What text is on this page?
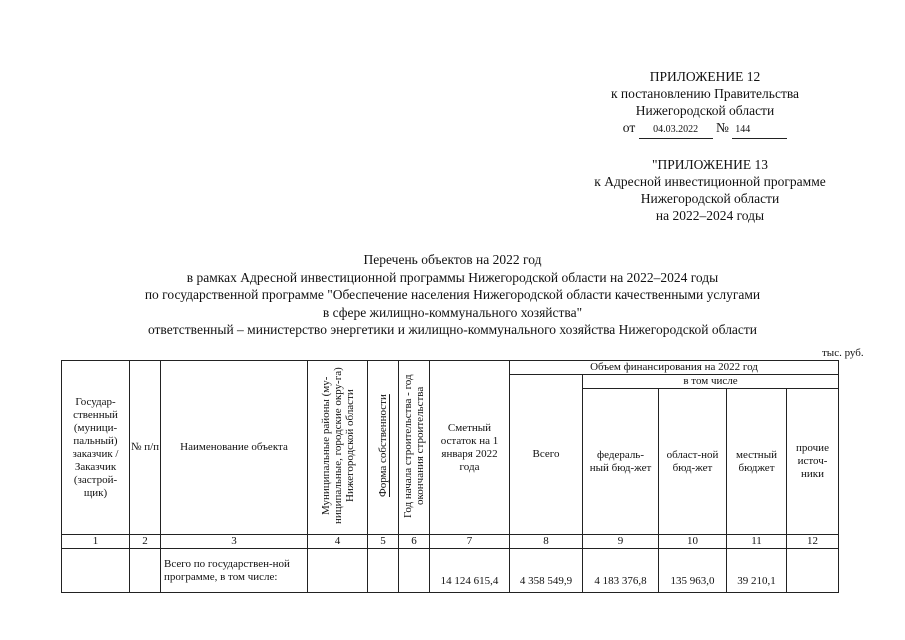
ПРИЛОЖЕНИЕ 12
к постановлению Правительства
Нижегородской области
от 04.03.2022 № 144
"ПРИЛОЖЕНИЕ 13
к Адресной инвестиционной программе
Нижегородской области
на 2022–2024 годы
Перечень объектов на 2022 год
в рамках Адресной инвестиционной программы Нижегородской области на 2022–2024 годы
по государственной программе "Обеспечение населения Нижегородской области качественными услугами
в сфере жилищно-коммунального хозяйства"
ответственный – министерство энергетики и жилищно-коммунального хозяйства Нижегородской области
тыс. руб.
Государ-ственный (муници-пальный) заказчик / Заказчик (застрой-щик)	№ п/п	Наименование объекта	Муниципальные районы (му-ниципальные, городские окру-га) Нижегородской области	Форма собственности	Год начала строительства - год окончания строительства	Сметный остаток на 1 января 2022 года	Объем финансирования на 2022 год				
							Всего	в том числе			
								федераль-ный бюд-жет	област-ной бюд-жет	местный бюджет	прочие источ-ники
1	2	3	4	5	6	7	8	9	10	11	12
		Всего по государствен-ной программе, в том числе:				14 124 615,4	4 358 549,9	4 183 376,8	135 963,0	39 210,1	
